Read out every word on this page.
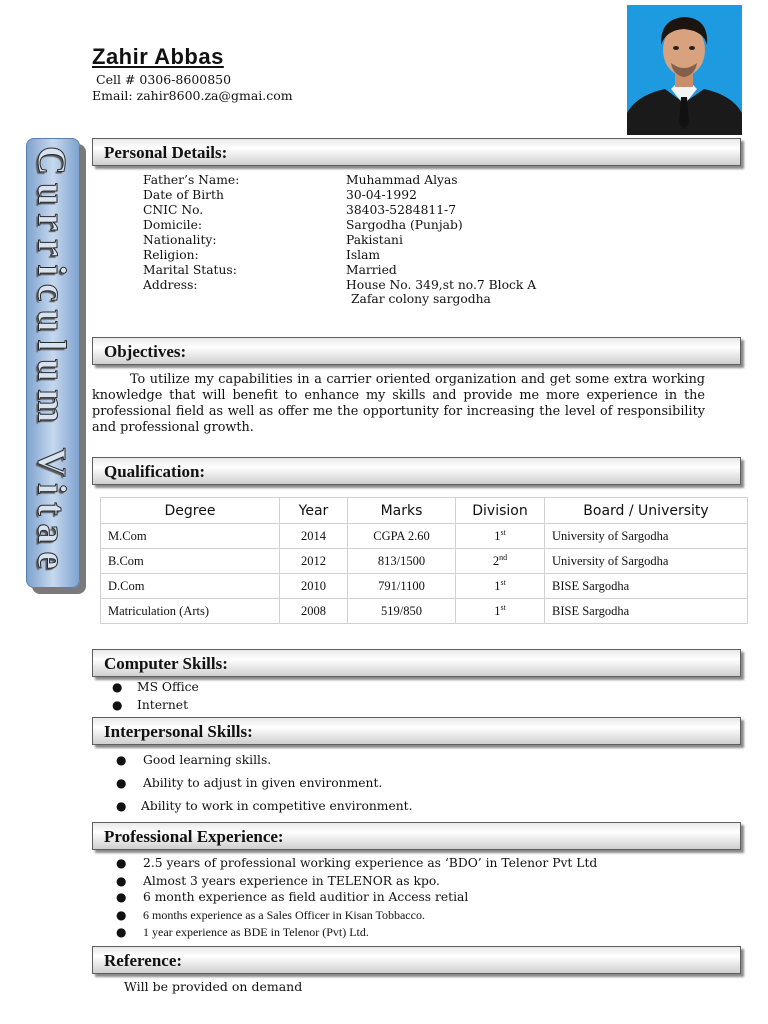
Zahir Abbas
Cell # 0306-8600850
Email: zahir8600.za@gmai.com
Curriculum Vitae Personal Details:
Father’s Name:	Muhammad Alyas
Date of Birth	30-04-1992
CNIC No.	38403-5284811-7
Domicile:	Sargodha (Punjab)
Nationality:	Pakistani
Religion:	Islam
Marital Status:	Married
Address:	House No. 349,st no.7 Block A
Zafar colony sargodha
Objectives:
To utilize my capabilities in a carrier oriented organization and get some extra working knowledge that will benefit to enhance my skills and provide me more experience in the professional field as well as offer me the opportunity for increasing the level of responsibility and professional growth.
Qualification:
Degree	Year	Marks	Division	Board / University
M.Com	2014	CGPA 2.60	1st	University of Sargodha
B.Com	2012	813/1500	2nd	University of Sargodha
D.Com	2010	791/1100	1st	BISE Sargodha
Matriculation (Arts)	2008	519/850	1st	BISE Sargodha
Computer Skills:
● MS Office
● Internet
Interpersonal Skills:
● Good learning skills.
● Ability to adjust in given environment.
● Ability to work in competitive environment.
Professional Experience:
● 2.5 years of professional working experience as ‘BDO’ in Telenor Pvt Ltd
● Almost 3 years experience in TELENOR as kpo.
● 6 month experience as field auditior in Access retial
● 6 months experience as a Sales Officer in Kisan Tobbacco.
● 1 year experience as BDE in Telenor (Pvt) Ltd.
Reference:
Will be provided on demand
